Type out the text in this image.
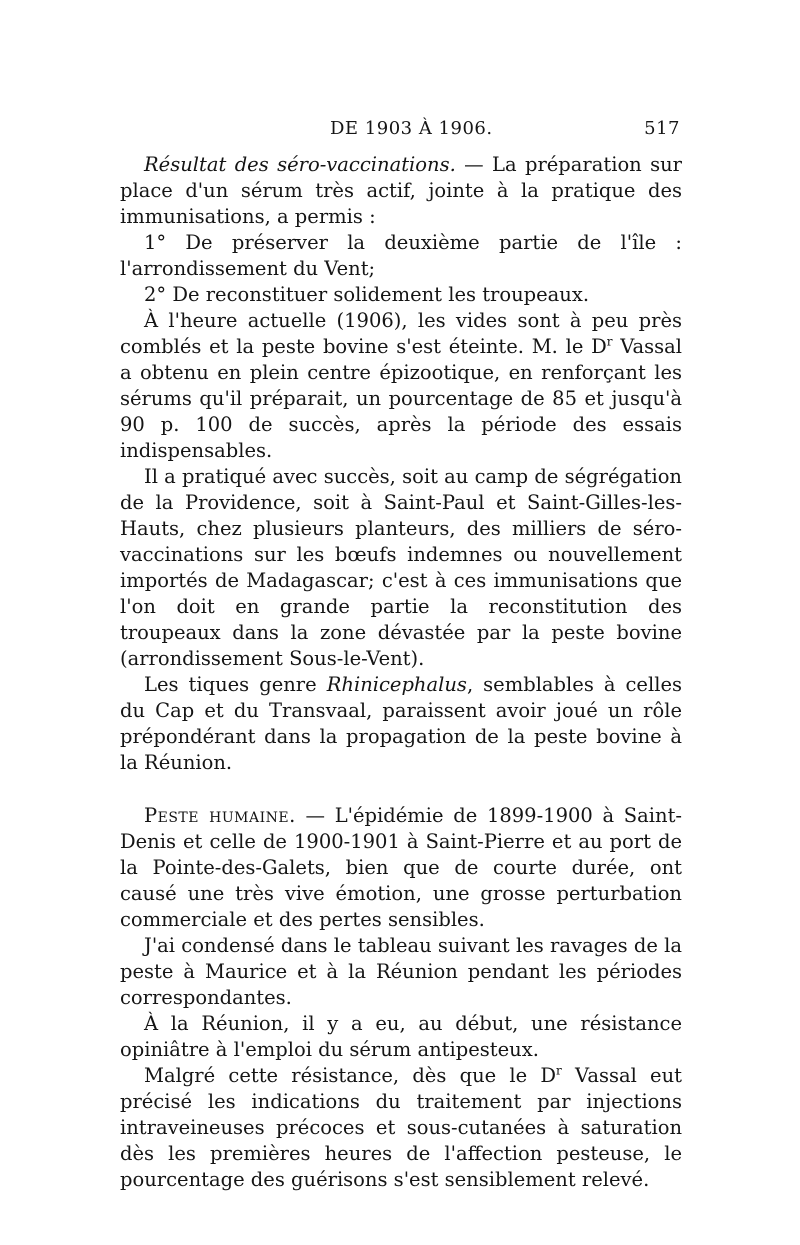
DE 1903 À 1906.	517

Résultat des séro-vaccinations. — La préparation sur place d'un sérum très actif, jointe à la pratique des immunisations, a permis :

1° De préserver la deuxième partie de l'île : l'arrondissement du Vent;

2° De reconstituer solidement les troupeaux.

À l'heure actuelle (1906), les vides sont à peu près comblés et la peste bovine s'est éteinte. M. le $D^r$ Vassal a obtenu en plein centre épizootique, en renforçant les sérums qu'il préparait, un pourcentage de 85 et jusqu'à 90 p. 100 de succès, après la période des essais indispensables.

Il a pratiqué avec succès, soit au camp de ségrégation de la Providence, soit à Saint-Paul et Saint-Gilles-les-Hauts, chez plusieurs planteurs, des milliers de séro-vaccinations sur les bœufs indemnes ou nouvellement importés de Madagascar; c'est à ces immunisations que l'on doit en grande partie la reconstitution des troupeaux dans la zone dévastée par la peste bovine (arrondissement Sous-le-Vent).

Les tiques genre Rhinicephalus, semblables à celles du Cap et du Transvaal, paraissent avoir joué un rôle prépondérant dans la propagation de la peste bovine à la Réunion.

Peste humaine. — L'épidémie de 1899-1900 à Saint-Denis et celle de 1900-1901 à Saint-Pierre et au port de la Pointe-des-Galets, bien que de courte durée, ont causé une très vive émotion, une grosse perturbation commerciale et des pertes sensibles.

J'ai condensé dans le tableau suivant les ravages de la peste à Maurice et à la Réunion pendant les périodes correspondantes.

À la Réunion, il y a eu, au début, une résistance opiniâtre à l'emploi du sérum antipesteux.

Malgré cette résistance, dès que le $D^r$ Vassal eut précisé les indications du traitement par injections intraveineuses précoces et sous-cutanées à saturation dès les premières heures de l'affection pesteuse, le pourcentage des guérisons s'est sensiblement relevé.
